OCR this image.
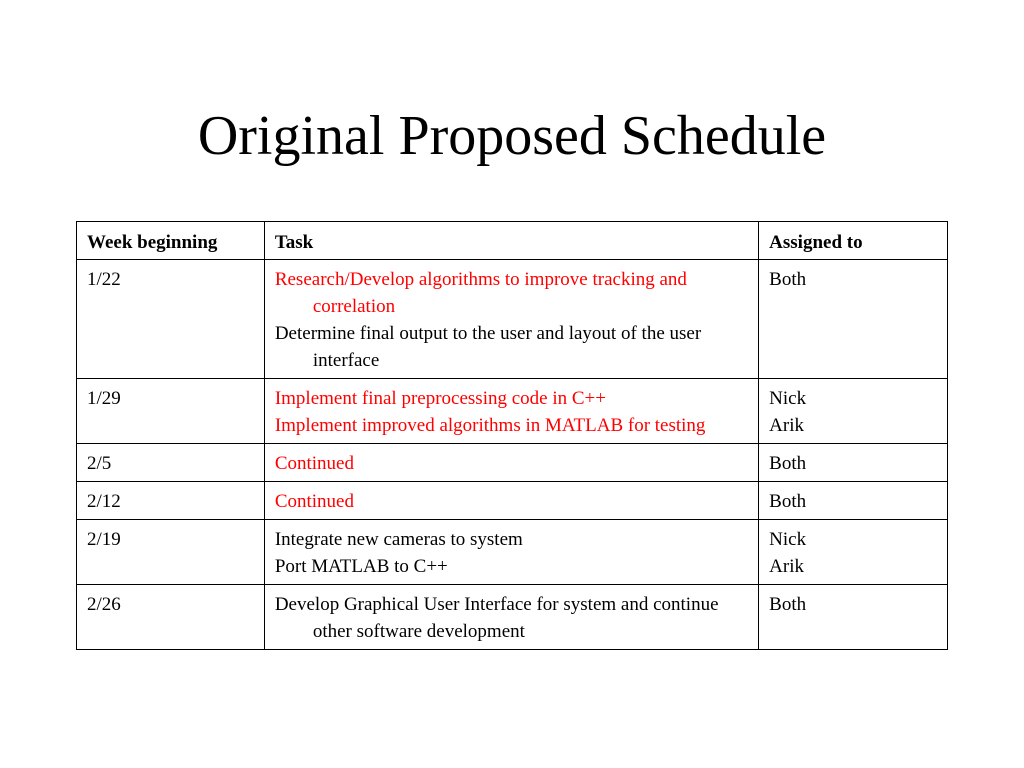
Original Proposed Schedule
Week beginning	Task	Assigned to
1/22	Research/Develop algorithms to improve tracking and correlation
Determine final output to the user and layout of the user interface	Both

1/29	Implement final preprocessing code in C++
Implement improved algorithms in MATLAB for testing	Nick
Arik

2/5	Continued	Both

2/12	Continued	Both

2/19	Integrate new cameras to system
Port MATLAB to C++	Nick
Arik

2/26	Develop Graphical User Interface for system and continue other software development	Both
